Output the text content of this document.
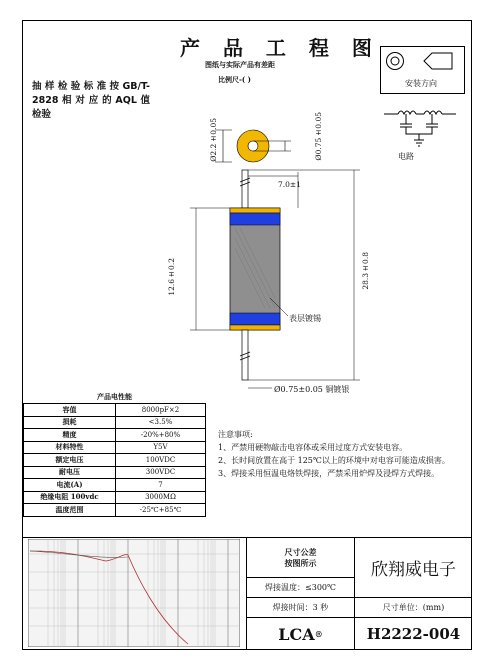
产 品 工 程 图
图纸与实际产品有差距
比例尺-( )
抽 样 检 验 标 准 按 GB/T-2828 相 对 应 的 AQL 值检验
安装方向
电路
Ø2.2±0.05	Ø0.75±0.05
7.0±1
12.6±0.2	28.3±0.8
表层镀锡
Ø0.75±0.05 铜镀银
产品电性能
容值	8000pF×2
损耗	<3.5%
精度	-20%+80%
材料特性	Y5V
额定电压	100VDC
耐电压	300VDC
电流(A)	7
绝缘电阻 100vdc	3000MΩ
温度范围	-25℃+85℃
注意事项:
1、严禁用硬物敲击电容体或采用过度方式安装电容。
2、长时间放置在高于 125℃以上的环境中对电容可能造成损害。
3、焊接采用恒温电烙铁焊接，严禁采用炉焊及浸焊方式焊接。
尺寸公差
按图所示	欣翔威电子
焊接温度：≤300℃
焊接时间：3 秒	尺寸单位：(mm)
LCA ®	H2222-004
